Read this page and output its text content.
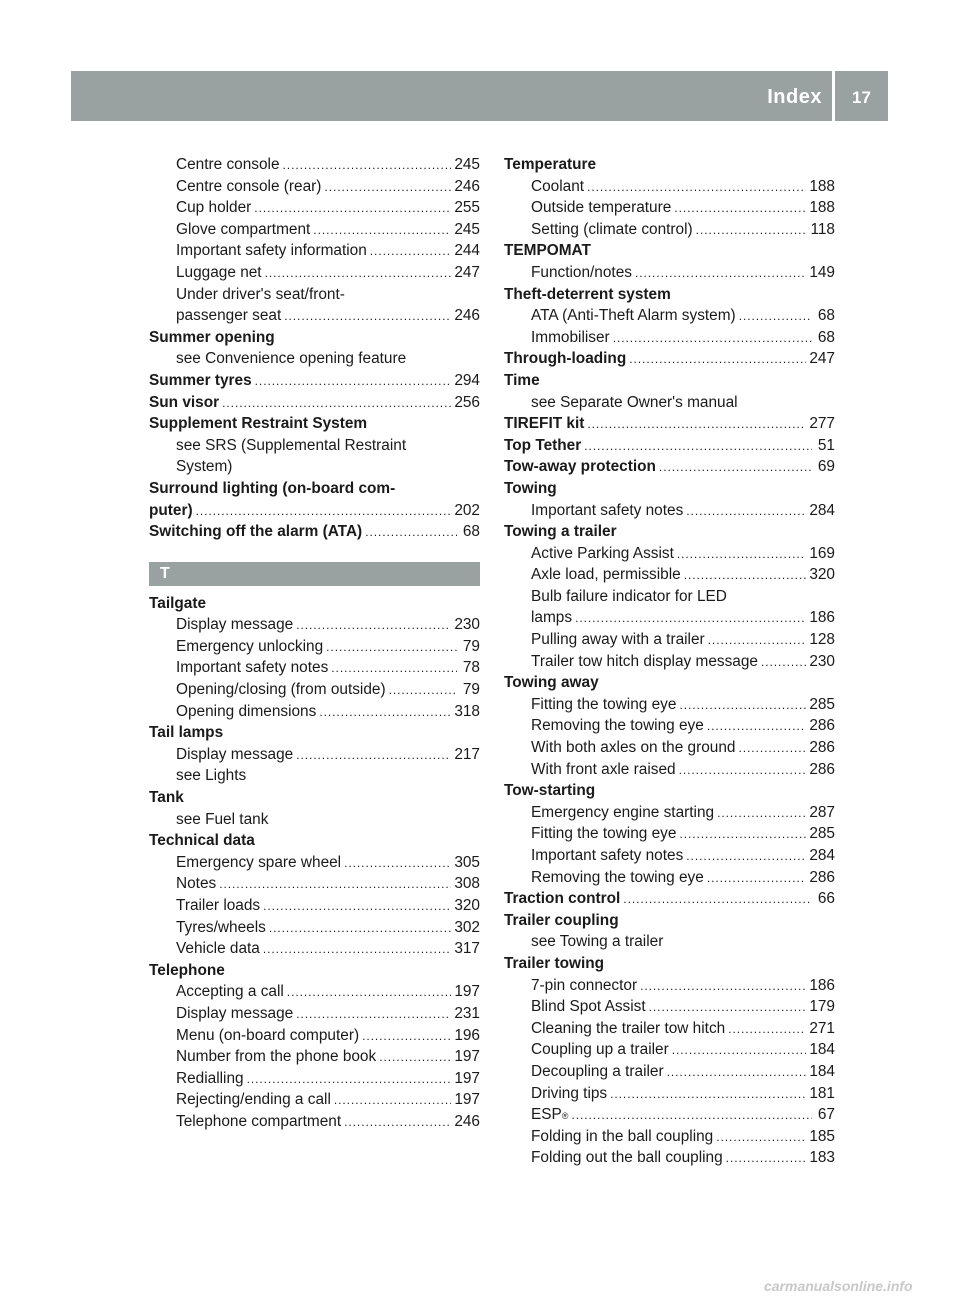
Index	17
Centre console . . .	245
Centre console (rear) . . .	246
Cup holder . . .	255
Glove compartment . . .	245
Important safety information . . .	244
Luggage net . . .	247
Under driver's seat/front-
passenger seat . . .	246
Summer opening
see Convenience opening feature
Summer tyres . . .	294
Sun visor . . .	256
Supplement Restraint System
see SRS (Supplemental Restraint
System)
Surround lighting (on-board com-
puter) . . .	202
Switching off the alarm (ATA) . . .	68
T
Tailgate
Display message . . .	230
Emergency unlocking . . .	79
Important safety notes . . .	78
Opening/closing (from outside) . . .	79
Opening dimensions . . .	318
Tail lamps
Display message . . .	217
see Lights
Tank
see Fuel tank
Technical data
Emergency spare wheel . . .	305
Notes . . .	308
Trailer loads . . .	320
Tyres/wheels . . .	302
Vehicle data . . .	317
Telephone
Accepting a call . . .	197
Display message . . .	231
Menu (on-board computer) . . .	196
Number from the phone book . . .	197
Redialling . . .	197
Rejecting/ending a call . . .	197
Telephone compartment . . .	246
Temperature
Coolant . . .	188
Outside temperature . . .	188
Setting (climate control) . . .	118
TEMPOMAT
Function/notes . . .	149
Theft-deterrent system
ATA (Anti-Theft Alarm system) . . .	68
Immobiliser . . .	68
Through-loading . . .	247
Time
see Separate Owner's manual
TIREFIT kit . . .	277
Top Tether . . .	51
Tow-away protection . . .	69
Towing
Important safety notes . . .	284
Towing a trailer
Active Parking Assist . . .	169
Axle load, permissible . . .	320
Bulb failure indicator for LED
lamps . . .	186
Pulling away with a trailer . . .	128
Trailer tow hitch display message . . .	230
Towing away
Fitting the towing eye . . .	285
Removing the towing eye . . .	286
With both axles on the ground . . .	286
With front axle raised . . .	286
Tow-starting
Emergency engine starting . . .	287
Fitting the towing eye . . .	285
Important safety notes . . .	284
Removing the towing eye . . .	286
Traction control . . .	66
Trailer coupling
see Towing a trailer
Trailer towing
7-pin connector . . .	186
Blind Spot Assist . . .	179
Cleaning the trailer tow hitch . . .	271
Coupling up a trailer . . .	184
Decoupling a trailer . . .	184
Driving tips . . .	181
ESP ® . . .	67
Folding in the ball coupling . . .	185
Folding out the ball coupling . . .	183
carmanualsonline.info
